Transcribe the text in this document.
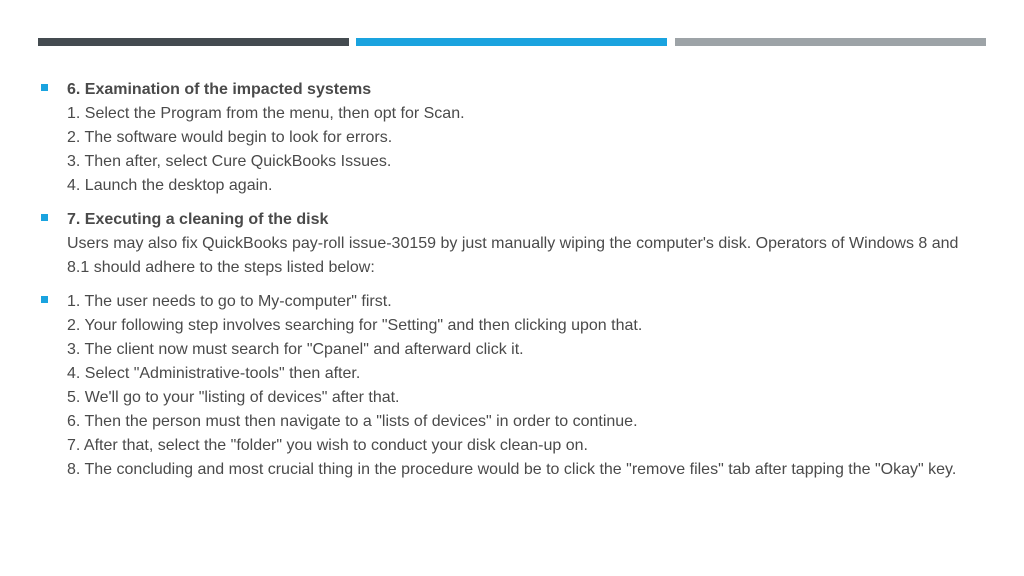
6. Examination of the impacted systems
1. Select the Program from the menu, then opt for Scan.
2. The software would begin to look for errors.
3. Then after, select Cure QuickBooks Issues.
4. Launch the desktop again.
7. Executing a cleaning of the disk
Users may also fix QuickBooks pay-roll issue-30159 by just manually wiping the computer's disk. Operators of Windows 8 and 8.1 should adhere to the steps listed below:
1. The user needs to go to My-computer" first.
2. Your following step involves searching for "Setting" and then clicking upon that.
3. The client now must search for "Cpanel" and afterward click it.
4. Select "Administrative-tools" then after.
5. We'll go to your "listing of devices" after that.
6. Then the person must then navigate to a "lists of devices" in order to continue.
7. After that, select the "folder" you wish to conduct your disk clean-up on.
8. The concluding and most crucial thing in the procedure would be to click the "remove files" tab after tapping the "Okay" key.
